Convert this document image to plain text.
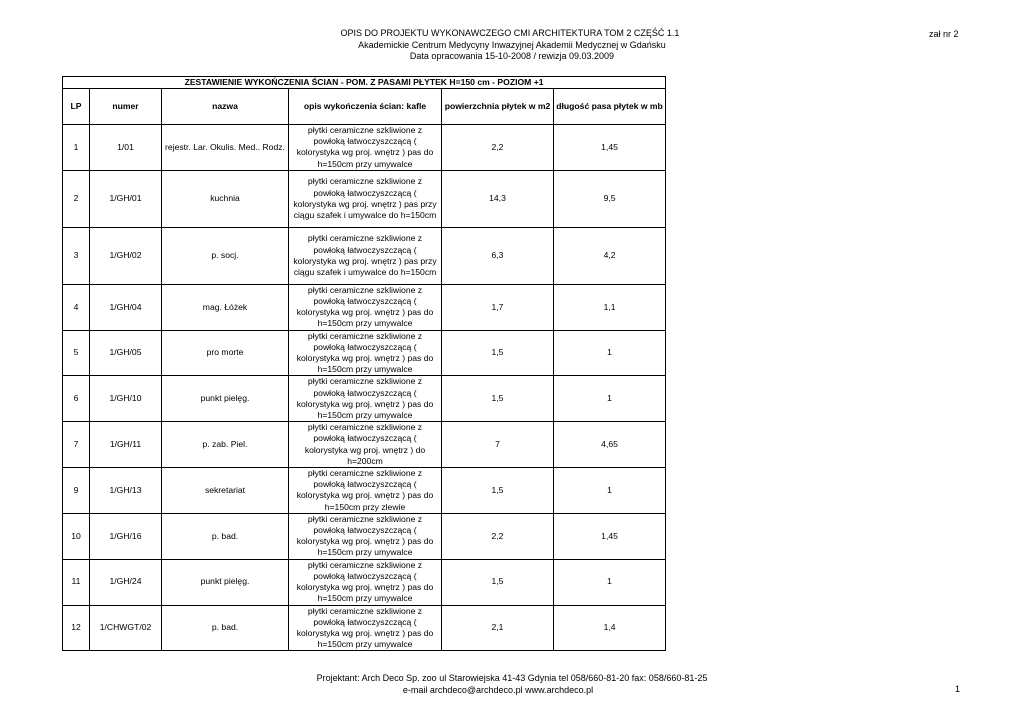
OPIS DO PROJEKTU WYKONAWCZEGO CMI ARCHITEKTURA TOM 2 CZĘŚĆ 1.1
Akademickie Centrum Medycyny Inwazyjnej Akademii Medycznej w Gdańsku
Data opracowania 15-10-2008 / rewizja 09.03.2009
zał nr 2
ZESTAWIENIE WYKOŃCZENIA ŚCIAN - POM. Z PASAMI PŁYTEK H=150 cm - POZIOM +1					
LP	numer	nazwa	opis wykończenia ścian: kafle	powierzchnia płytek w m2	długość pasa płytek w mb
1	1/01	rejestr. Lar. Okulis. Med.. Rodz.	płytki ceramiczne szkliwione z powłoką łatwoczyszczącą ( kolorystyka wg proj. wnętrz ) pas do h=150cm przy umywalce	2,2	1,45
2	1/GH/01	kuchnia	płytki ceramiczne szkliwione z powłoką łatwoczyszczącą ( kolorystyka wg proj. wnętrz ) pas przy ciągu szafek i umywalce do h=150cm	14,3	9,5
3	1/GH/02	p. socj.	płytki ceramiczne szkliwione z powłoką łatwoczyszczącą ( kolorystyka wg proj. wnętrz ) pas przy ciągu szafek i umywalce do h=150cm	6,3	4,2
4	1/GH/04	mag. Łóżek	płytki ceramiczne szkliwione z powłoką łatwoczyszczącą ( kolorystyka wg proj. wnętrz ) pas do h=150cm przy umywalce	1,7	1,1
5	1/GH/05	pro morte	płytki ceramiczne szkliwione z powłoką łatwoczyszczącą ( kolorystyka wg proj. wnętrz ) pas do h=150cm przy umywalce	1,5	1
6	1/GH/10	punkt pielęg.	płytki ceramiczne szkliwione z powłoką łatwoczyszczącą ( kolorystyka wg proj. wnętrz ) pas do h=150cm przy umywalce	1,5	1
7	1/GH/11	p. zab. Piel.	płytki ceramiczne szkliwione z powłoką łatwoczyszczącą ( kolorystyka wg proj. wnętrz ) do h=200cm	7	4,65
9	1/GH/13	sekretariat	płytki ceramiczne szkliwione z powłoką łatwoczyszczącą ( kolorystyka wg proj. wnętrz ) pas do h=150cm przy zlewie	1,5	1
10	1/GH/16	p. bad.	płytki ceramiczne szkliwione z powłoką łatwoczyszczącą ( kolorystyka wg proj. wnętrz ) pas do h=150cm przy umywalce	2,2	1,45
11	1/GH/24	punkt pielęg.	płytki ceramiczne szkliwione z powłoką łatwoczyszczącą ( kolorystyka wg proj. wnętrz ) pas do h=150cm przy umywalce	1,5	1
12	1/CHWGT/02	p. bad.	płytki ceramiczne szkliwione z powłoką łatwoczyszczącą ( kolorystyka wg proj. wnętrz ) pas do h=150cm przy umywalce	2,1	1,4
Projektant: Arch Deco Sp. zoo ul Starowiejska 41-43 Gdynia tel 058/660-81-20 fax: 058/660-81-25
e-mail archdeco@archdeco.pl www.archdeco.pl	1
